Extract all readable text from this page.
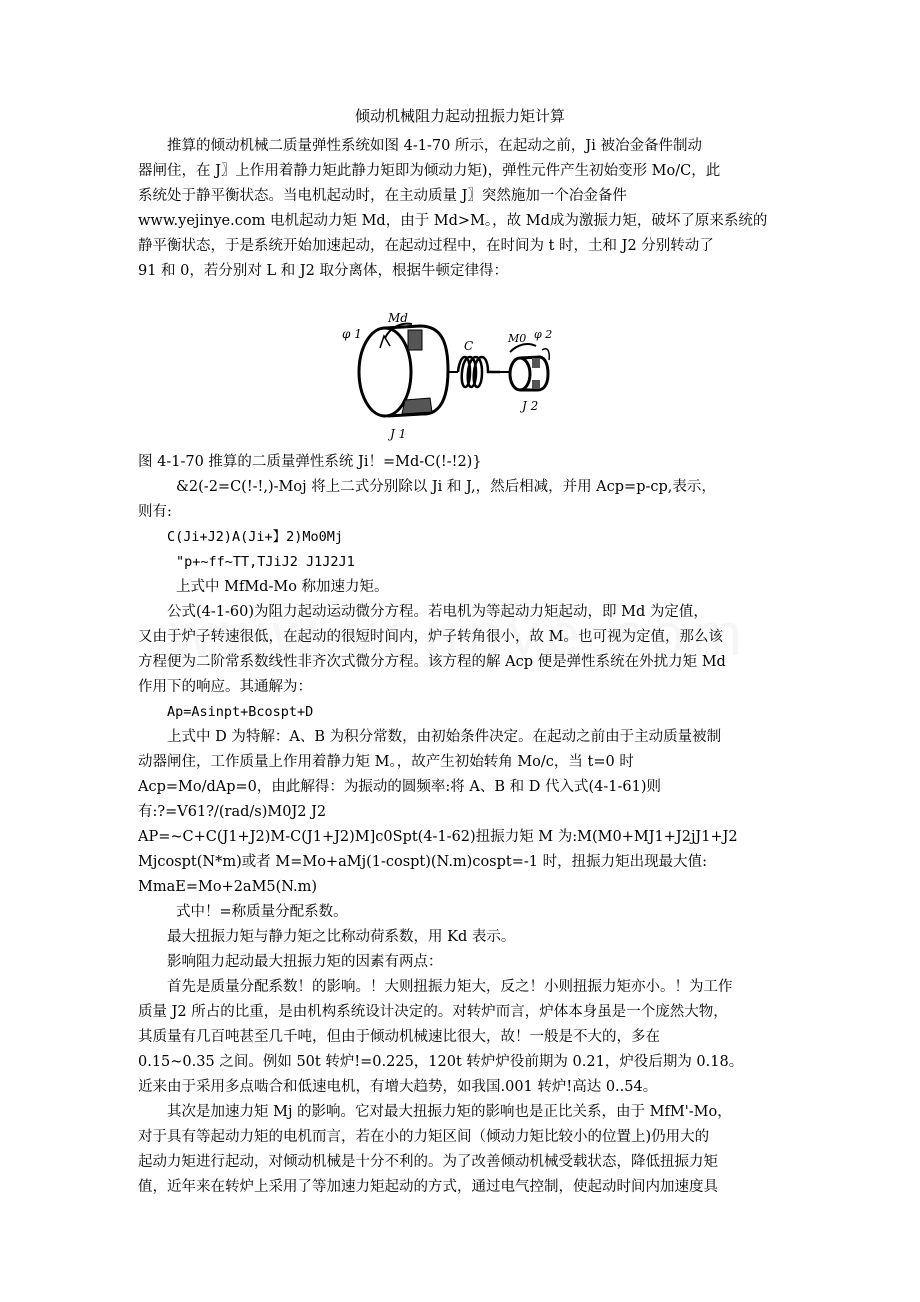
倾动机械阻力起动扭振力矩计算
推算的倾动机械二质量弹性系统如图 4-1-70 所示，在起动之前，Ji 被冶金备件制动
器闸住，在 J〗上作用着静力矩此静力矩即为倾动力矩)，弹性元件产生初始变形 Mo/C，此
系统处于静平衡状态。当电机起动时，在主动质量 J〗突然施加一个冶金备件
www.yejinye.com 电机起动力矩 Md，由于 Md>M。，故 Md成为激振力矩，破坏了原来系统的
静平衡状态，于是系统开始加速起动，在起动过程中，在时间为 t 时，土和 J2 分别转动了
91 和 0，若分别对 L 和 J2 取分离体，根据牛顿定律得：
φ 1
Md
C
M0 φ 2
J 1
J 2
图 4-1-70 推算的二质量弹性系统 Ji！=Md-C(!-!2)}
&2(-2=C(!-!,)-Moj 将上二式分别除以 Ji 和 J,，然后相减，并用 Acp=p-cp,表示，
则有:
C(Ji+J2)A(Ji+】2)Mo0Mj
"p+~ff~TT,TJiJ2 J1J2J1
上式中 MfMd-Mo 称加速力矩。
公式(4-1-60)为阻力起动运动微分方程。若电机为等起动力矩起动，即 Md 为定值，
又由于炉子转速很低，在起动的很短时间内，炉子转角很小，故 M。也可视为定值，那么该
方程便为二阶常系数线性非齐次式微分方程。该方程的解 Acp 便是弹性系统在外扰力矩 Md
作用下的响应。其通解为：
Ap=Asinpt+Bcospt+D
上式中 D 为特解：A、B 为积分常数，由初始条件决定。在起动之前由于主动质量被制
动器闸住，工作质量上作用着静力矩 M。，故产生初始转角 Mo/c，当 t=0 时
Acp=Mo/dAp=0，由此解得：为振动的圆频率:将 A、B 和 D 代入式(4-1-61)则
有:?=V61?/(rad/s)M0J2 J2
AP=~C+C(J1+J2)M-C(J1+J2)M]c0Spt(4-1-62)扭振力矩 M 为:M(M0+MJ1+J2jJ1+J2
Mjcospt(N*m)或者 M=Mo+aMj(1-cospt)(N.m)cospt=-1 时，扭振力矩出现最大值:
MmaE=Mo+2aM5(N.m)
式中！=称质量分配系数。
最大扭振力矩与静力矩之比称动荷系数，用 Kd 表示。
影响阻力起动最大扭振力矩的因素有两点：
首先是质量分配系数！的影响。！大则扭振力矩大，反之！小则扭振力矩亦小。！为工作
质量 J2 所占的比重，是由机构系统设计决定的。对转炉而言，炉体本身虽是一个庞然大物，
其质量有几百吨甚至几千吨，但由于倾动机械速比很大，故！一般是不大的，多在
0.15~0.35 之间。例如 50t 转炉!=0.225，120t 转炉炉役前期为 0.21，炉役后期为 0.18。
近来由于采用多点啮合和低速电机，有增大趋势，如我国.001 转炉!高达 0..54。
其次是加速力矩 Mj 的影响。它对最大扭振力矩的影响也是正比关系，由于 MfM'-Mo，
对于具有等起动力矩的电机而言，若在小的力矩区间（倾动力矩比较小的位置上)仍用大的
起动力矩进行起动，对倾动机械是十分不利的。为了改善倾动机械受载状态，降低扭振力矩
值，近年来在转炉上采用了等加速力矩起动的方式，通过电气控制，使起动时间内加速度具
